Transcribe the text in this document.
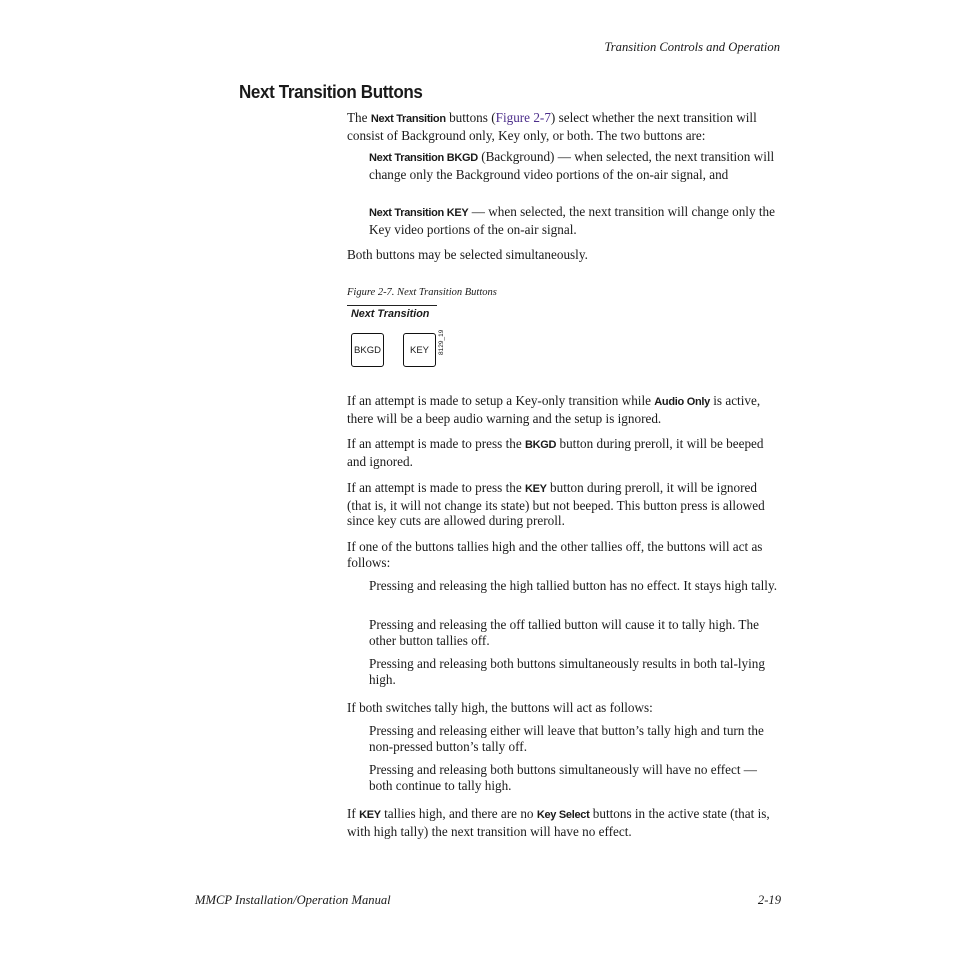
Transition Controls and Operation
Next Transition Buttons
The Next Transition buttons (Figure 2-7) select whether the next transition will consist of Background only, Key only, or both. The two buttons are:
Next Transition BKGD (Background) — when selected, the next transition will change only the Background video portions of the on-air signal, and
Next Transition KEY — when selected, the next transition will change only the Key video portions of the on-air signal.
Both buttons may be selected simultaneously.
Figure 2-7. Next Transition Buttons
Next Transition
BKGD	KEY	8129_19
If an attempt is made to setup a Key-only transition while Audio Only is active, there will be a beep audio warning and the setup is ignored.
If an attempt is made to press the BKGD button during preroll, it will be beeped and ignored.
If an attempt is made to press the KEY button during preroll, it will be ignored (that is, it will not change its state) but not beeped. This button press is allowed since key cuts are allowed during preroll.
If one of the buttons tallies high and the other tallies off, the buttons will act as follows:
Pressing and releasing the high tallied button has no effect. It stays high tally.
Pressing and releasing the off tallied button will cause it to tally high. The other button tallies off.
Pressing and releasing both buttons simultaneously results in both tal-lying high.
If both switches tally high, the buttons will act as follows:
Pressing and releasing either will leave that button’s tally high and turn the non-pressed button’s tally off.
Pressing and releasing both buttons simultaneously will have no effect — both continue to tally high.
If KEY tallies high, and there are no Key Select buttons in the active state (that is, with high tally) the next transition will have no effect.
MMCP Installation/Operation Manual	2-19
